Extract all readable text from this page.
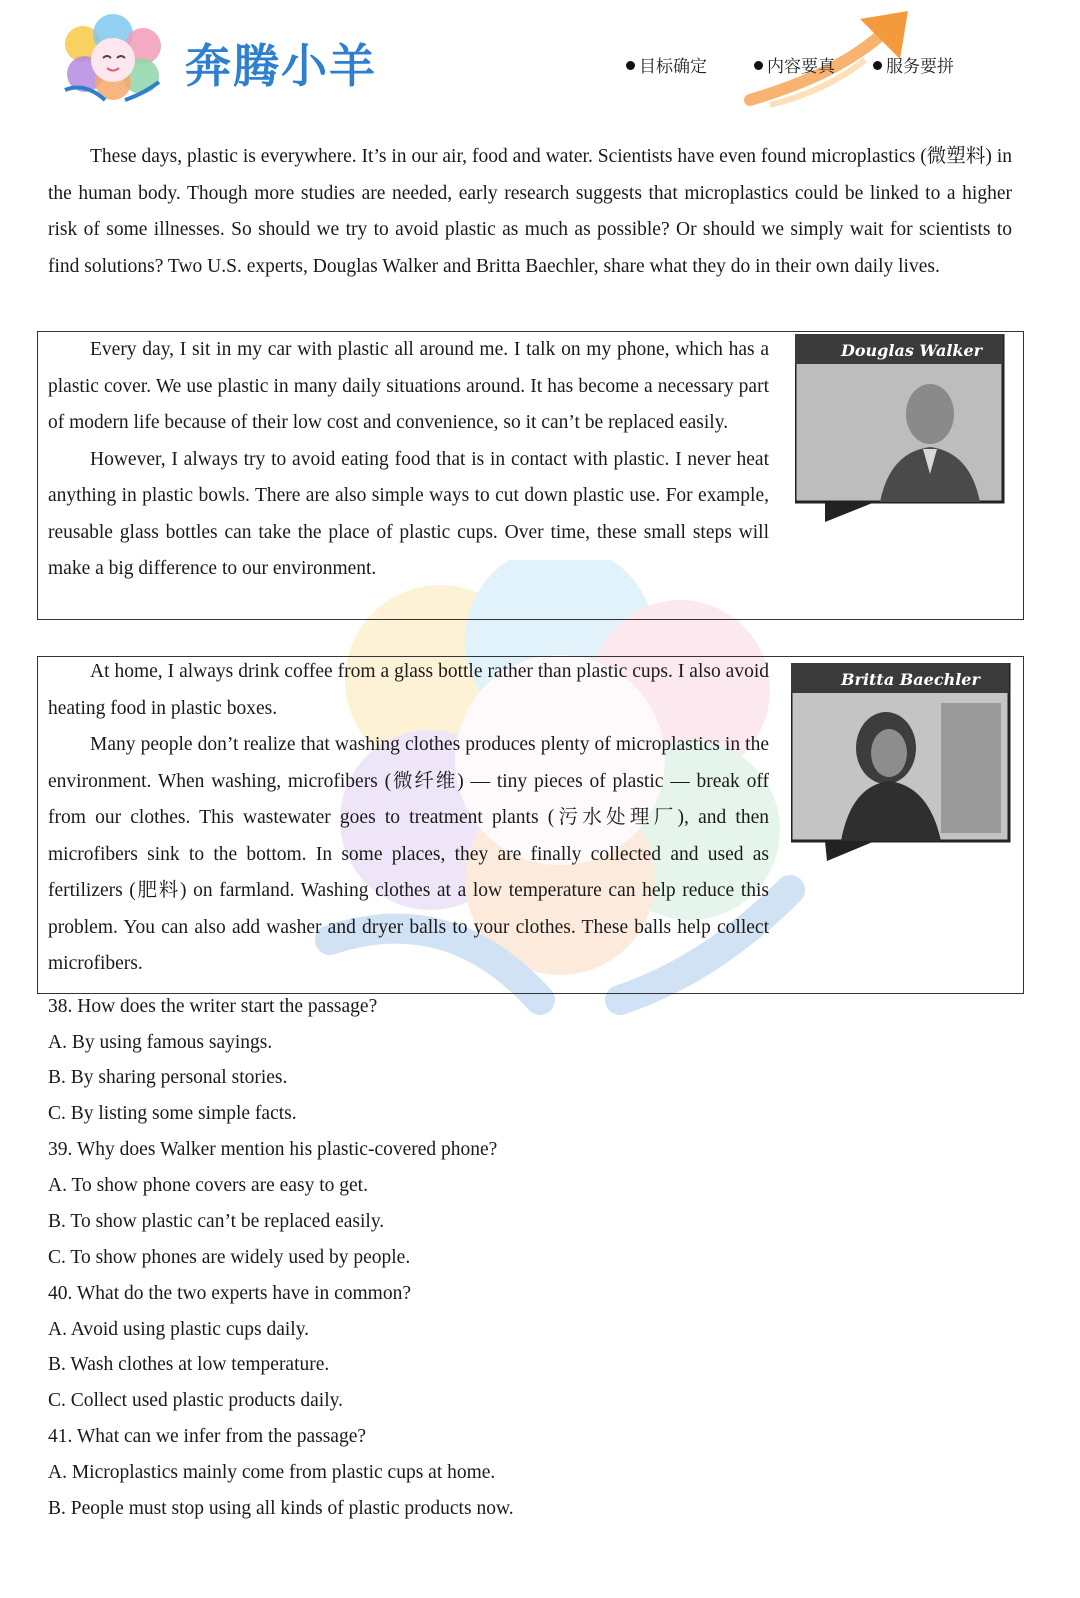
奔腾小羊	目标确定	内容要真	服务要拼

These days, plastic is everywhere. It’s in our air, food and water. Scientists have even found microplastics (微塑料) in the human body. Though more studies are needed, early research suggests that microplastics could be linked to a higher risk of some illnesses. So should we try to avoid plastic as much as possible? Or should we simply wait for scientists to find solutions? Two U.S. experts, Douglas Walker and Britta Baechler, share what they do in their own daily lives.

Every day, I sit in my car with plastic all around me. I talk on my phone, which has a plastic cover. We use plastic in many daily situations around. It has become a necessary part of modern life because of their low cost and convenience, so it can’t be replaced easily.

However, I always try to avoid eating food that is in contact with plastic. I never heat anything in plastic bowls. There are also simple ways to cut down plastic use. For example, reusable glass bottles can take the place of plastic cups. Over time, these small steps will make a big difference to our environment.

Douglas Walker

At home, I always drink coffee from a glass bottle rather than plastic cups. I also avoid heating food in plastic boxes.

Many people don’t realize that washing clothes produces plenty of microplastics in the environment. When washing, microfibers (微纤维) — tiny pieces of plastic — break off from our clothes. This wastewater goes to treatment plants (污水处理厂), and then microfibers sink to the bottom. In some places, they are finally collected and used as fertilizers (肥料) on farmland. Washing clothes at a low temperature can help reduce this problem. You can also add washer and dryer balls to your clothes. These balls help collect microfibers.

Britta Baechler

38. How does the writer start the passage?

A. By using famous sayings.

B. By sharing personal stories.

C. By listing some simple facts.

39. Why does Walker mention his plastic-covered phone?

A. To show phone covers are easy to get.

B. To show plastic can’t be replaced easily.

C. To show phones are widely used by people.

40. What do the two experts have in common?

A. Avoid using plastic cups daily.

B. Wash clothes at low temperature.

C. Collect used plastic products daily.

41. What can we infer from the passage?

A. Microplastics mainly come from plastic cups at home.

B. People must stop using all kinds of plastic products now.
